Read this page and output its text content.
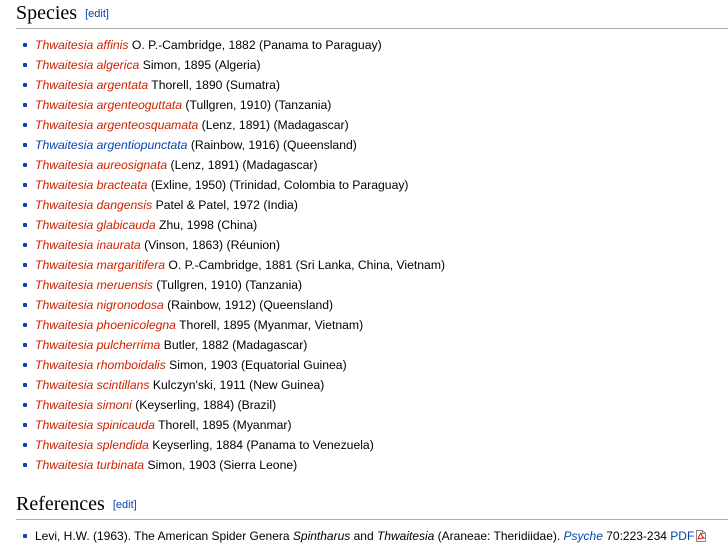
Species [edit]
Thwaitesia affinis O. P.-Cambridge, 1882 (Panama to Paraguay)
Thwaitesia algerica Simon, 1895 (Algeria)
Thwaitesia argentata Thorell, 1890 (Sumatra)
Thwaitesia argenteoguttata (Tullgren, 1910) (Tanzania)
Thwaitesia argenteosquamata (Lenz, 1891) (Madagascar)
Thwaitesia argentiopunctata (Rainbow, 1916) (Queensland)
Thwaitesia aureosignata (Lenz, 1891) (Madagascar)
Thwaitesia bracteata (Exline, 1950) (Trinidad, Colombia to Paraguay)
Thwaitesia dangensis Patel & Patel, 1972 (India)
Thwaitesia glabicauda Zhu, 1998 (China)
Thwaitesia inaurata (Vinson, 1863) (Réunion)
Thwaitesia margaritifera O. P.-Cambridge, 1881 (Sri Lanka, China, Vietnam)
Thwaitesia meruensis (Tullgren, 1910) (Tanzania)
Thwaitesia nigronodosa (Rainbow, 1912) (Queensland)
Thwaitesia phoenicolegna Thorell, 1895 (Myanmar, Vietnam)
Thwaitesia pulcherrima Butler, 1882 (Madagascar)
Thwaitesia rhomboidalis Simon, 1903 (Equatorial Guinea)
Thwaitesia scintillans Kulczyn'ski, 1911 (New Guinea)
Thwaitesia simoni (Keyserling, 1884) (Brazil)
Thwaitesia spinicauda Thorell, 1895 (Myanmar)
Thwaitesia splendida Keyserling, 1884 (Panama to Venezuela)
Thwaitesia turbinata Simon, 1903 (Sierra Leone)
References [edit]
Levi, H.W. (1963). The American Spider Genera Spintharus and Thwaitesia (Araneae: Theridiidae). Psyche 70:223-234 PDF
